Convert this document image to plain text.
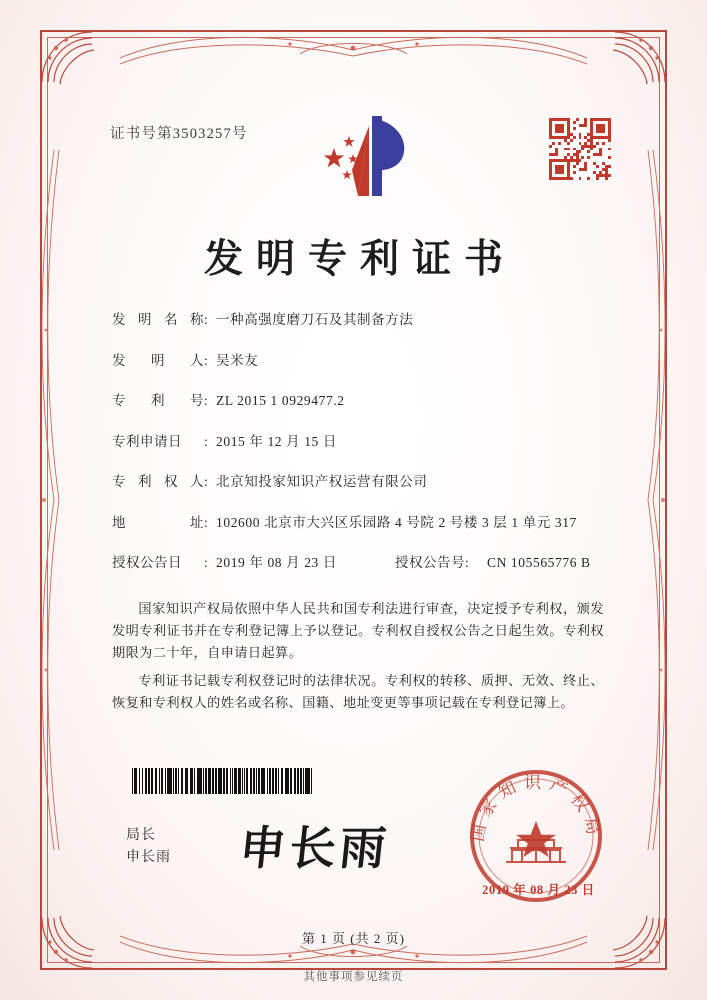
证书号第3503257号
发明专利证书
发 明 名 称 : 一种高强度磨刀石及其制备方法
发 明 人 : 吴米友
专 利 号 : ZL 2015 1 0929477.2
专利申请日	: 2015 年 12 月 15 日
专 利 权 人 : 北京知投家知识产权运营有限公司
地	址 : 102600 北京市大兴区乐园路 4 号院 2 号楼 3 层 1 单元 317
授权公告日	: 2019 年 08 月 23 日	授权公告号 :	CN 105565776 B

国家知识产权局依照中华人民共和国专利法进行审查，决定授予专利权，颁发发明专利证书并在专利登记簿上予以登记。专利权自授权公告之日起生效。专利权期限为二十年，自申请日起算。

专利证书记载专利权登记时的法律状况。专利权的转移、质押、无效、终止、恢复和专利权人的姓名或名称、国籍、地址变更等事项记载在专利登记簿上。

局长
申长雨 申长雨	国家知识产权局
2019 年 08 月 23 日
第 1 页 (共 2 页)
其他事项参见续页
